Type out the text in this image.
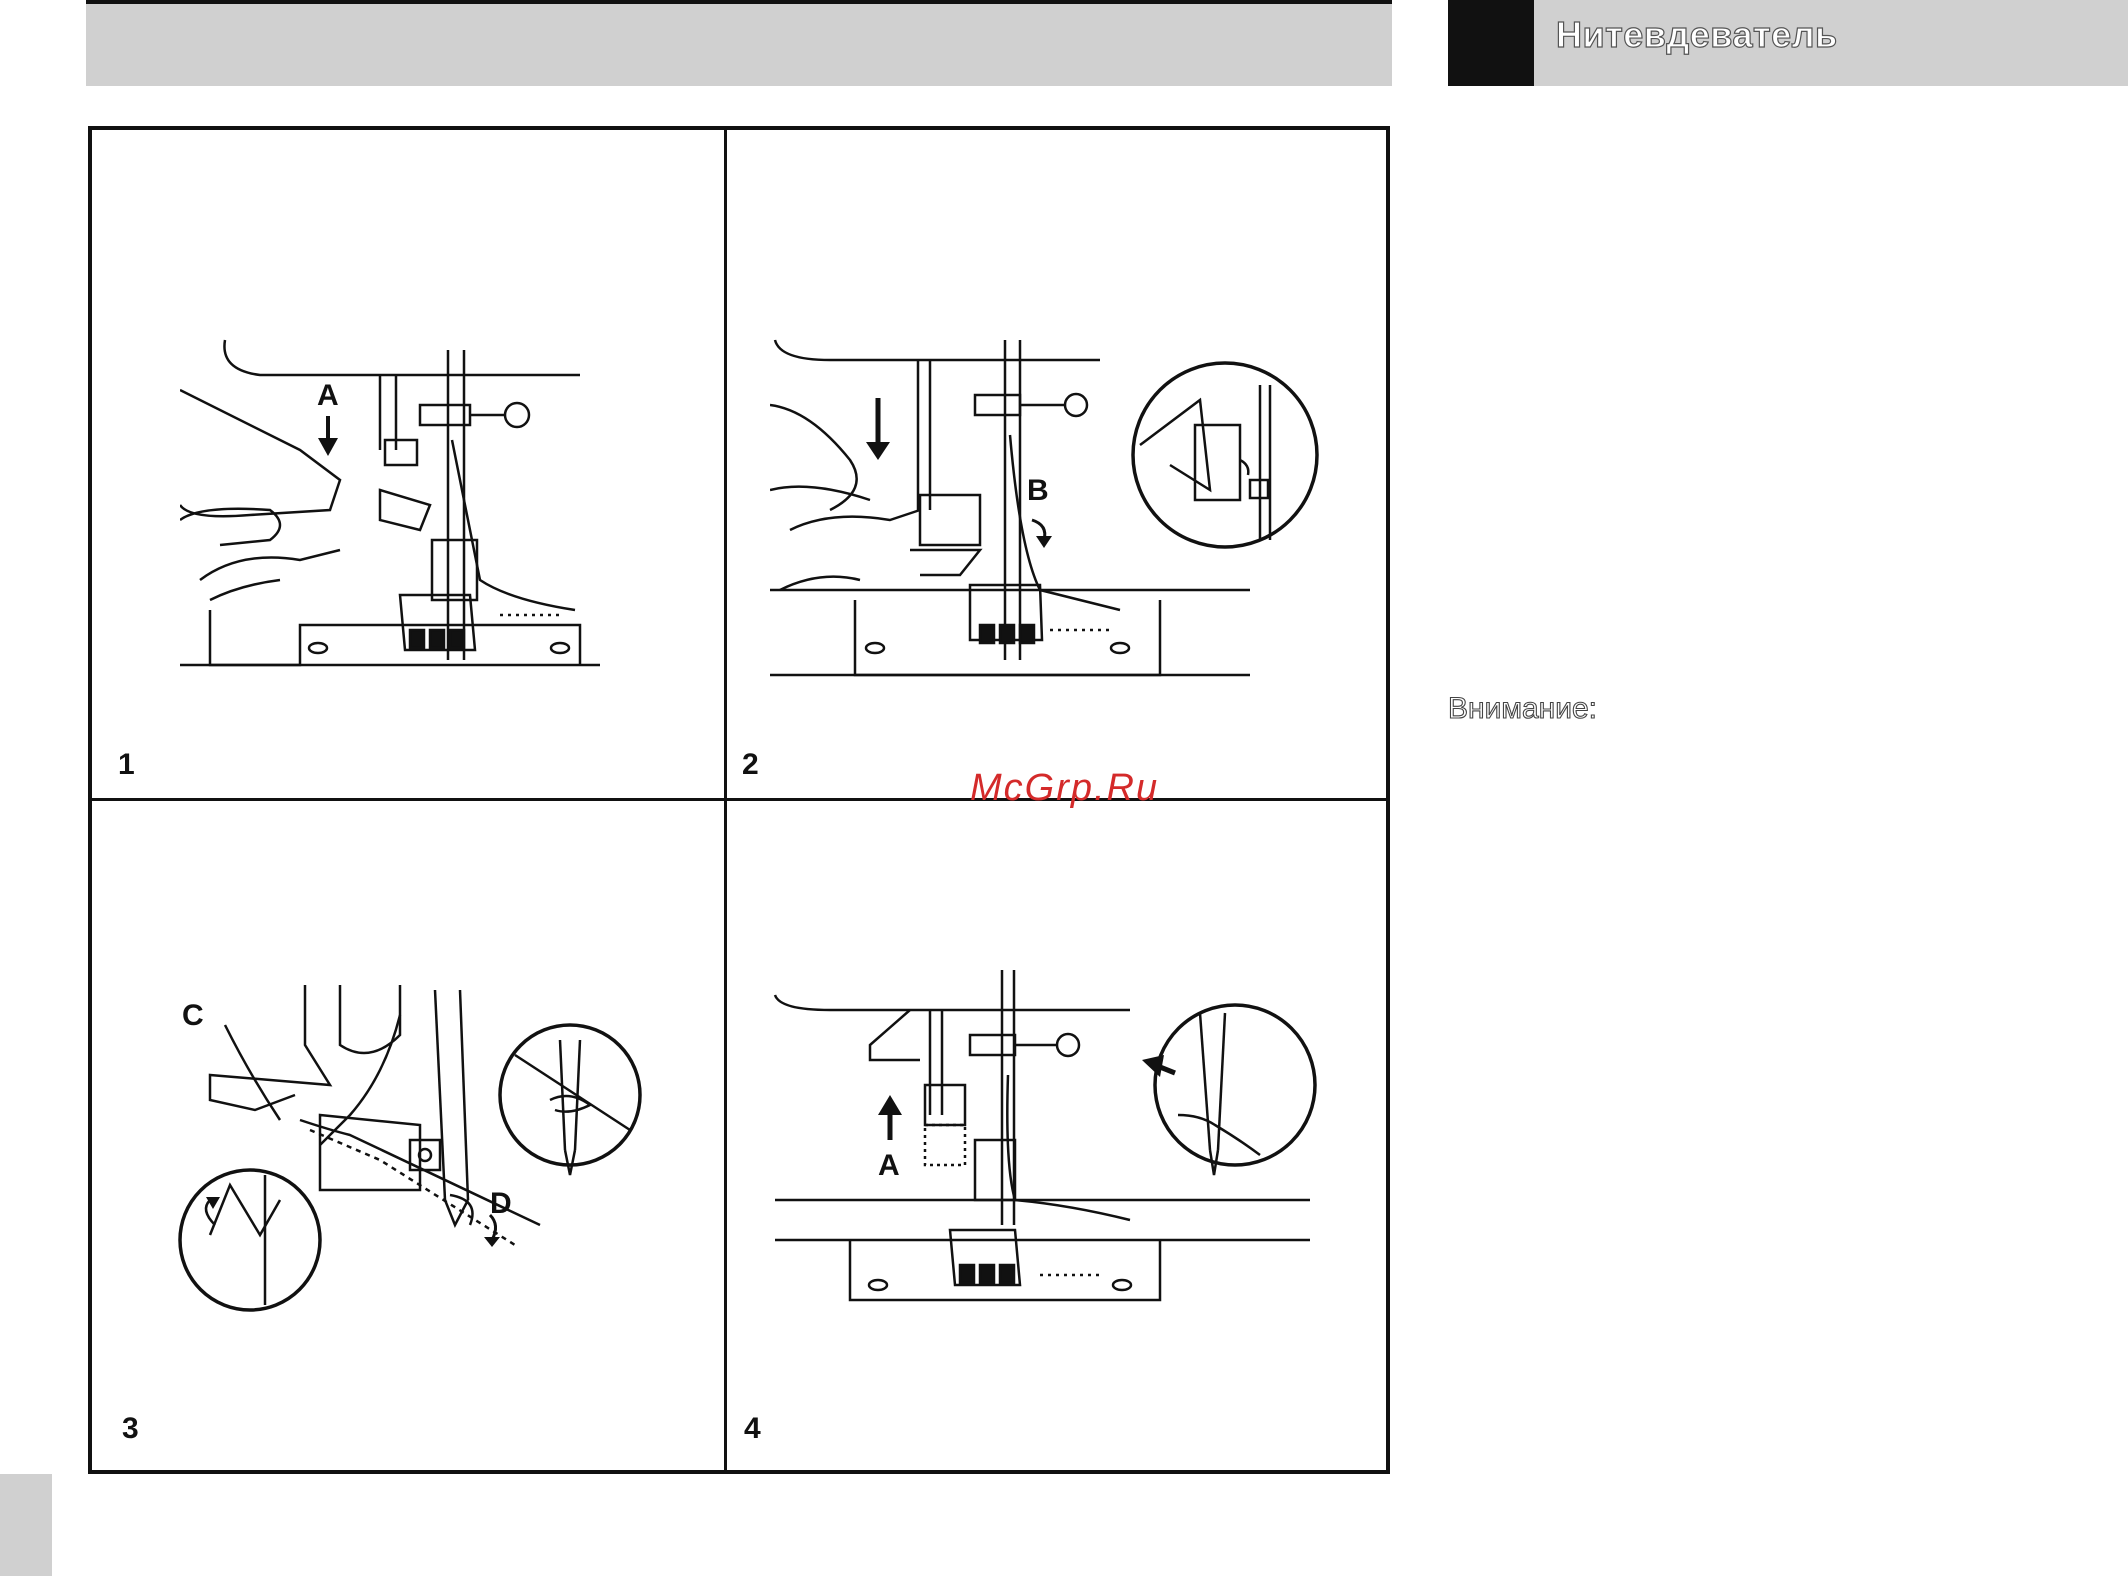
Нитевдеватель
Внимание:
A
1
B
2
C
D
3
A
4
McGrp.Ru
